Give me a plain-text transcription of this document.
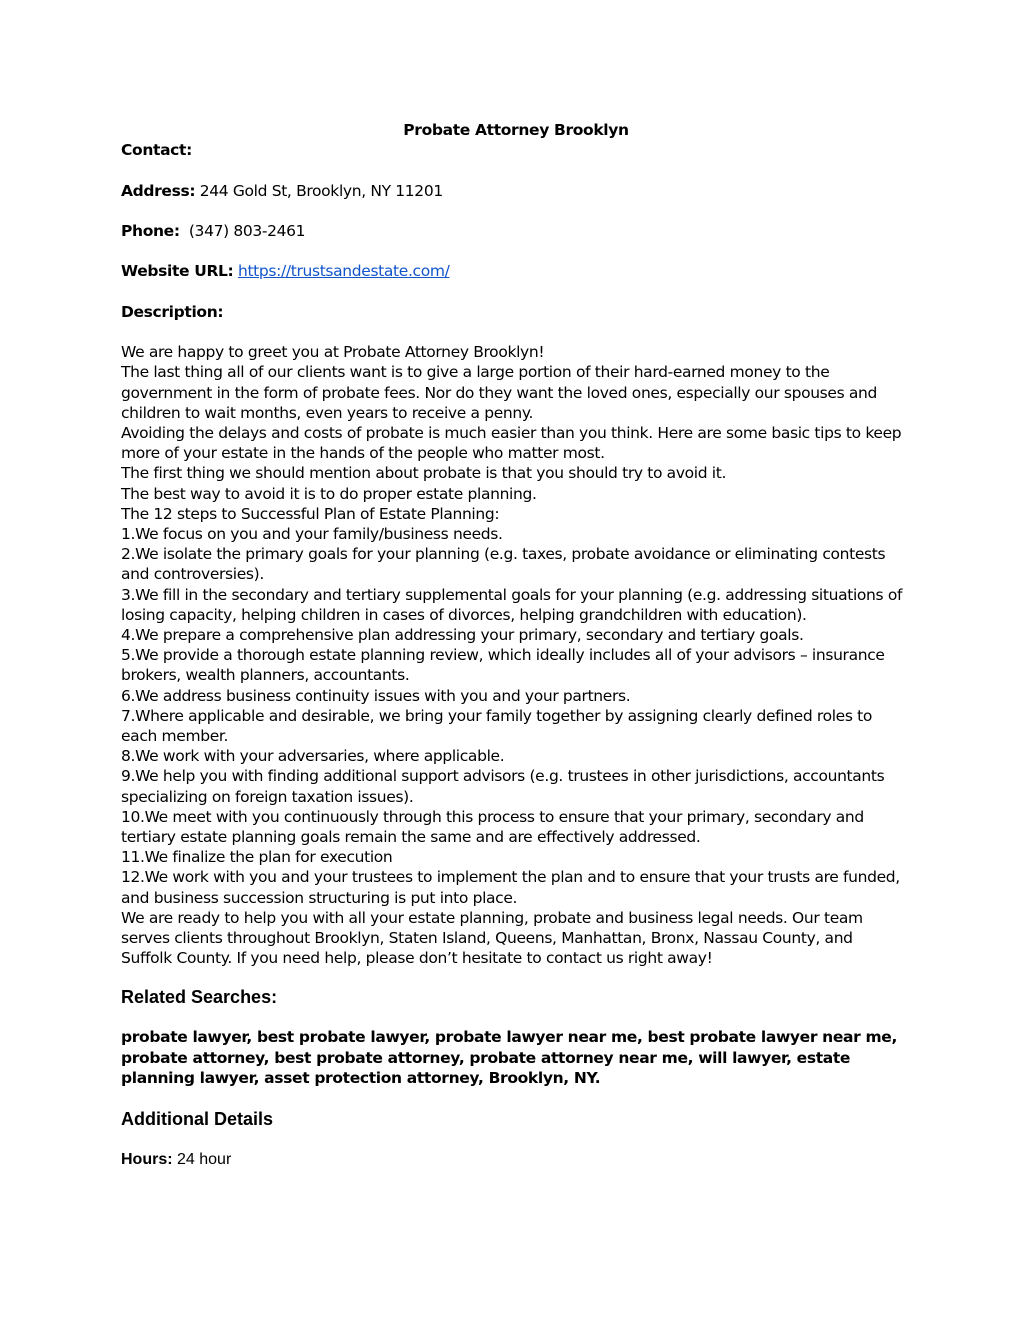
Probate Attorney Brooklyn

Contact:

Address: 244 Gold St, Brooklyn, NY 11201

Phone: (347) 803-2461

Website URL: https://trustsandestate.com/

Description:

We are happy to greet you at Probate Attorney Brooklyn!

The last thing all of our clients want is to give a large portion of their hard-earned money to the

government in the form of probate fees. Nor do they want the loved ones, especially our spouses and

children to wait months, even years to receive a penny.

Avoiding the delays and costs of probate is much easier than you think. Here are some basic tips to keep

more of your estate in the hands of the people who matter most.

The first thing we should mention about probate is that you should try to avoid it.

The best way to avoid it is to do proper estate planning.

The 12 steps to Successful Plan of Estate Planning:

1.We focus on you and your family/business needs.

2.We isolate the primary goals for your planning (e.g. taxes, probate avoidance or eliminating contests

and controversies).

3.We fill in the secondary and tertiary supplemental goals for your planning (e.g. addressing situations of

losing capacity, helping children in cases of divorces, helping grandchildren with education).

4.We prepare a comprehensive plan addressing your primary, secondary and tertiary goals.

5.We provide a thorough estate planning review, which ideally includes all of your advisors – insurance

brokers, wealth planners, accountants.

6.We address business continuity issues with you and your partners.

7.Where applicable and desirable, we bring your family together by assigning clearly defined roles to

each member.

8.We work with your adversaries, where applicable.

9.We help you with finding additional support advisors (e.g. trustees in other jurisdictions, accountants

specializing on foreign taxation issues).

10.We meet with you continuously through this process to ensure that your primary, secondary and

tertiary estate planning goals remain the same and are effectively addressed.

11.We finalize the plan for execution

12.We work with you and your trustees to implement the plan and to ensure that your trusts are funded,

and business succession structuring is put into place.

We are ready to help you with all your estate planning, probate and business legal needs. Our team

serves clients throughout Brooklyn, Staten Island, Queens, Manhattan, Bronx, Nassau County, and

Suffolk County. If you need help, please don’t hesitate to contact us right away!

Related Searches:

probate lawyer, best probate lawyer, probate lawyer near me, best probate lawyer near me,

probate attorney, best probate attorney, probate attorney near me, will lawyer, estate

planning lawyer, asset protection attorney, Brooklyn, NY.

Additional Details

Hours: 24 hour
